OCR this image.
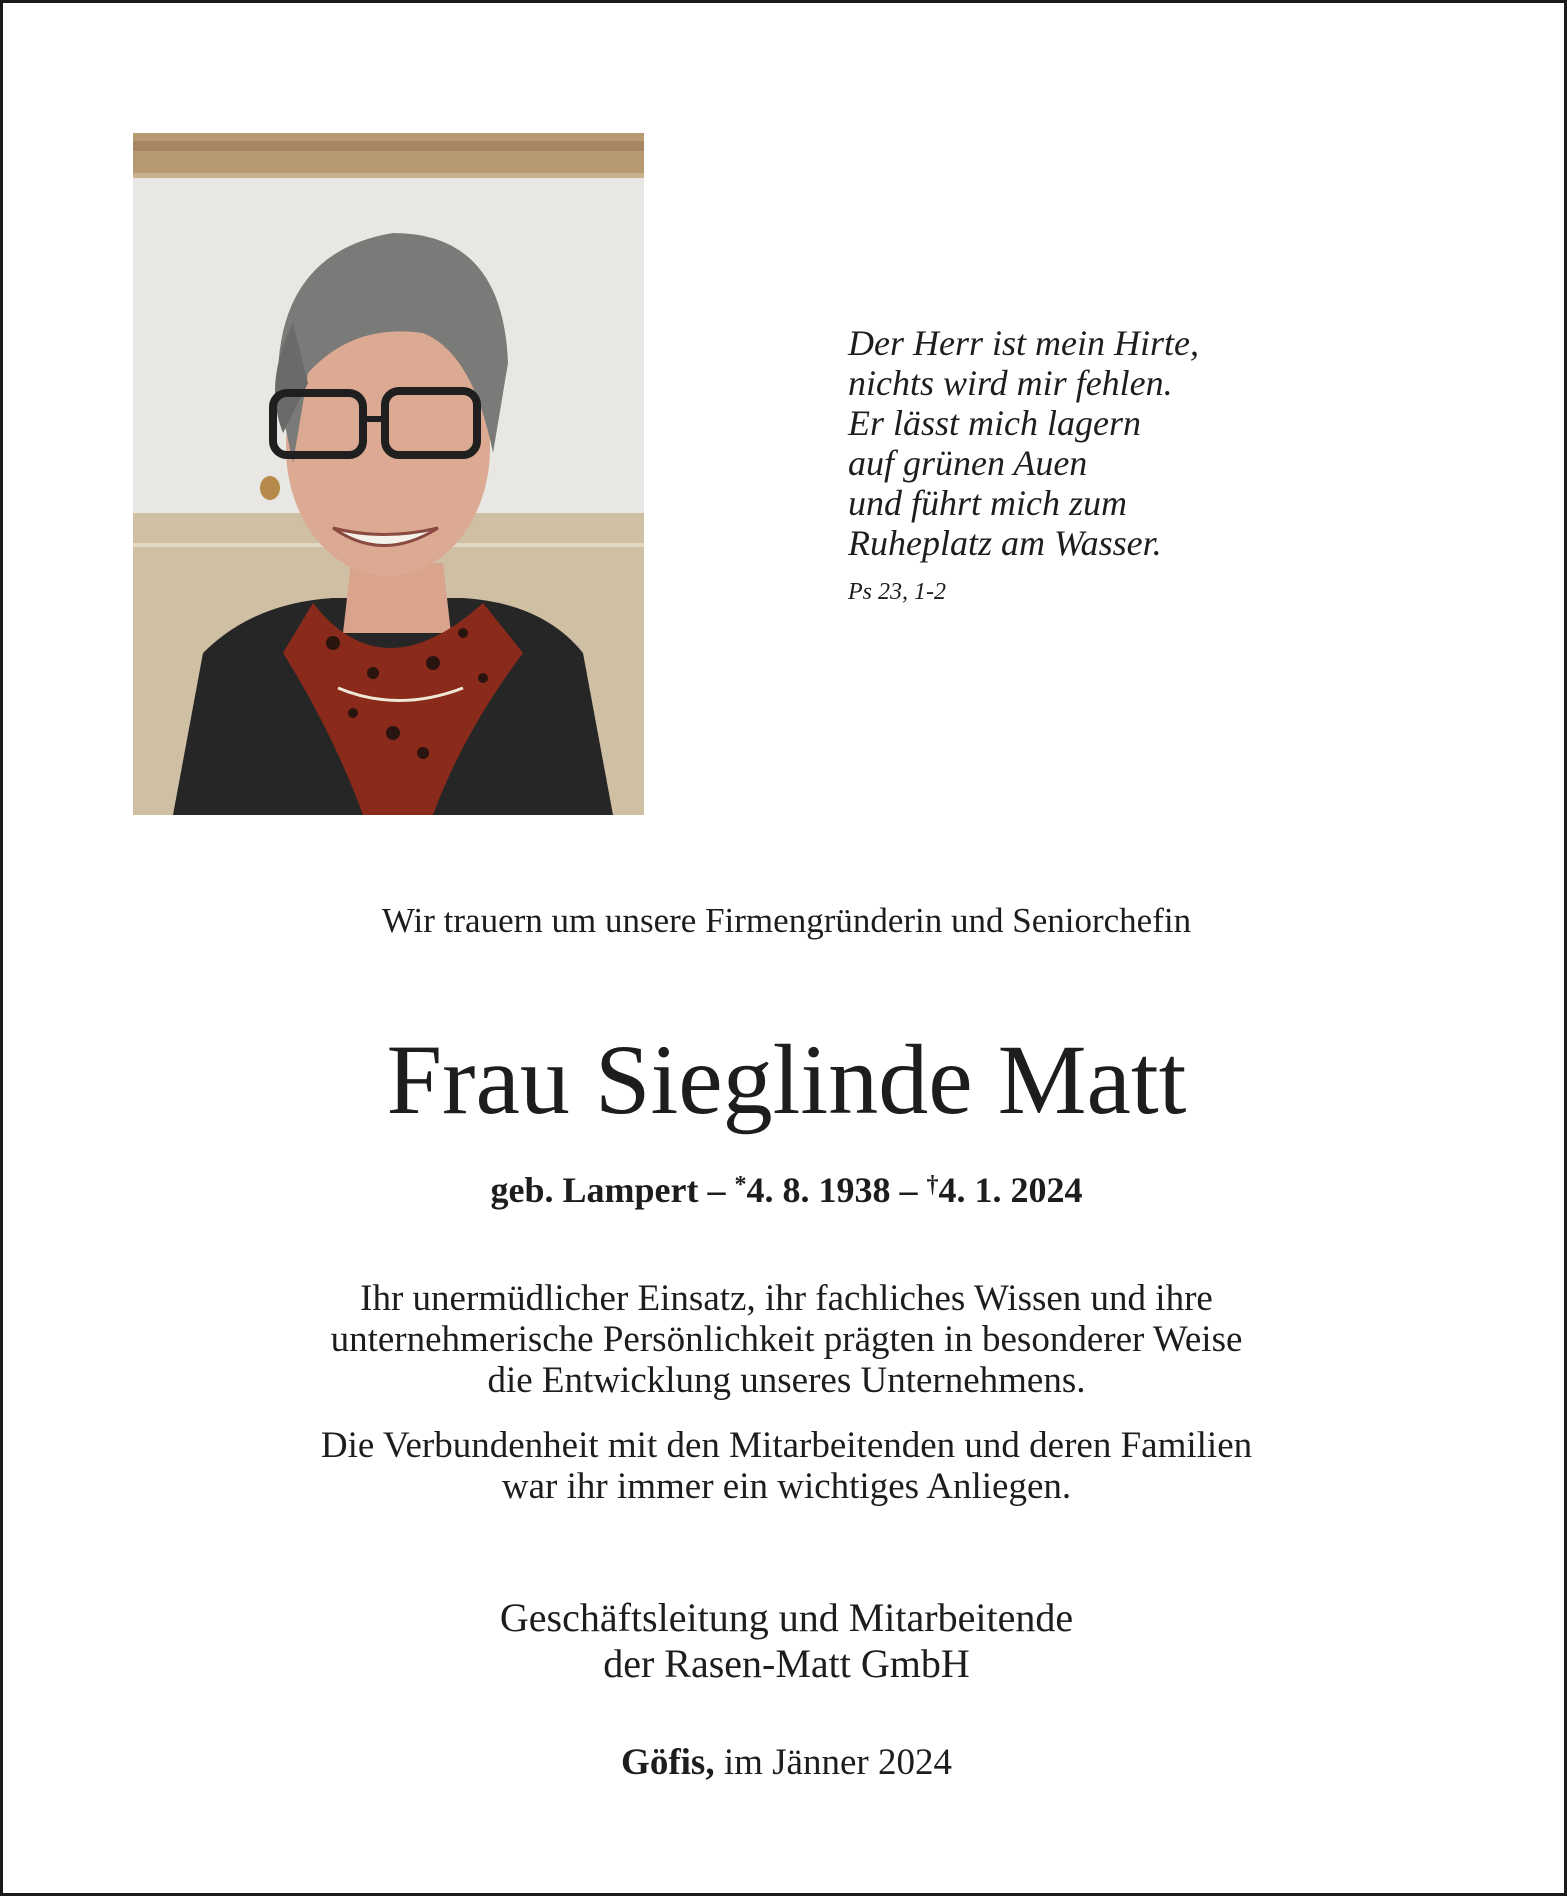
Der Herr ist mein Hirte,
nichts wird mir fehlen.
Er lässt mich lagern
auf grünen Auen
und führt mich zum
Ruheplatz am Wasser.
Ps 23, 1-2
Wir trauern um unsere Firmengründerin und Seniorchefin
Frau Sieglinde Matt
geb. Lampert – *4. 8. 1938 – †4. 1. 2024
Ihr unermüdlicher Einsatz, ihr fachliches Wissen und ihre
unternehmerische Persönlichkeit prägten in besonderer Weise
die Entwicklung unseres Unternehmens.
Die Verbundenheit mit den Mitarbeitenden und deren Familien
war ihr immer ein wichtiges Anliegen.
Geschäftsleitung und Mitarbeitende
der Rasen-Matt GmbH
Göfis, im Jänner 2024
